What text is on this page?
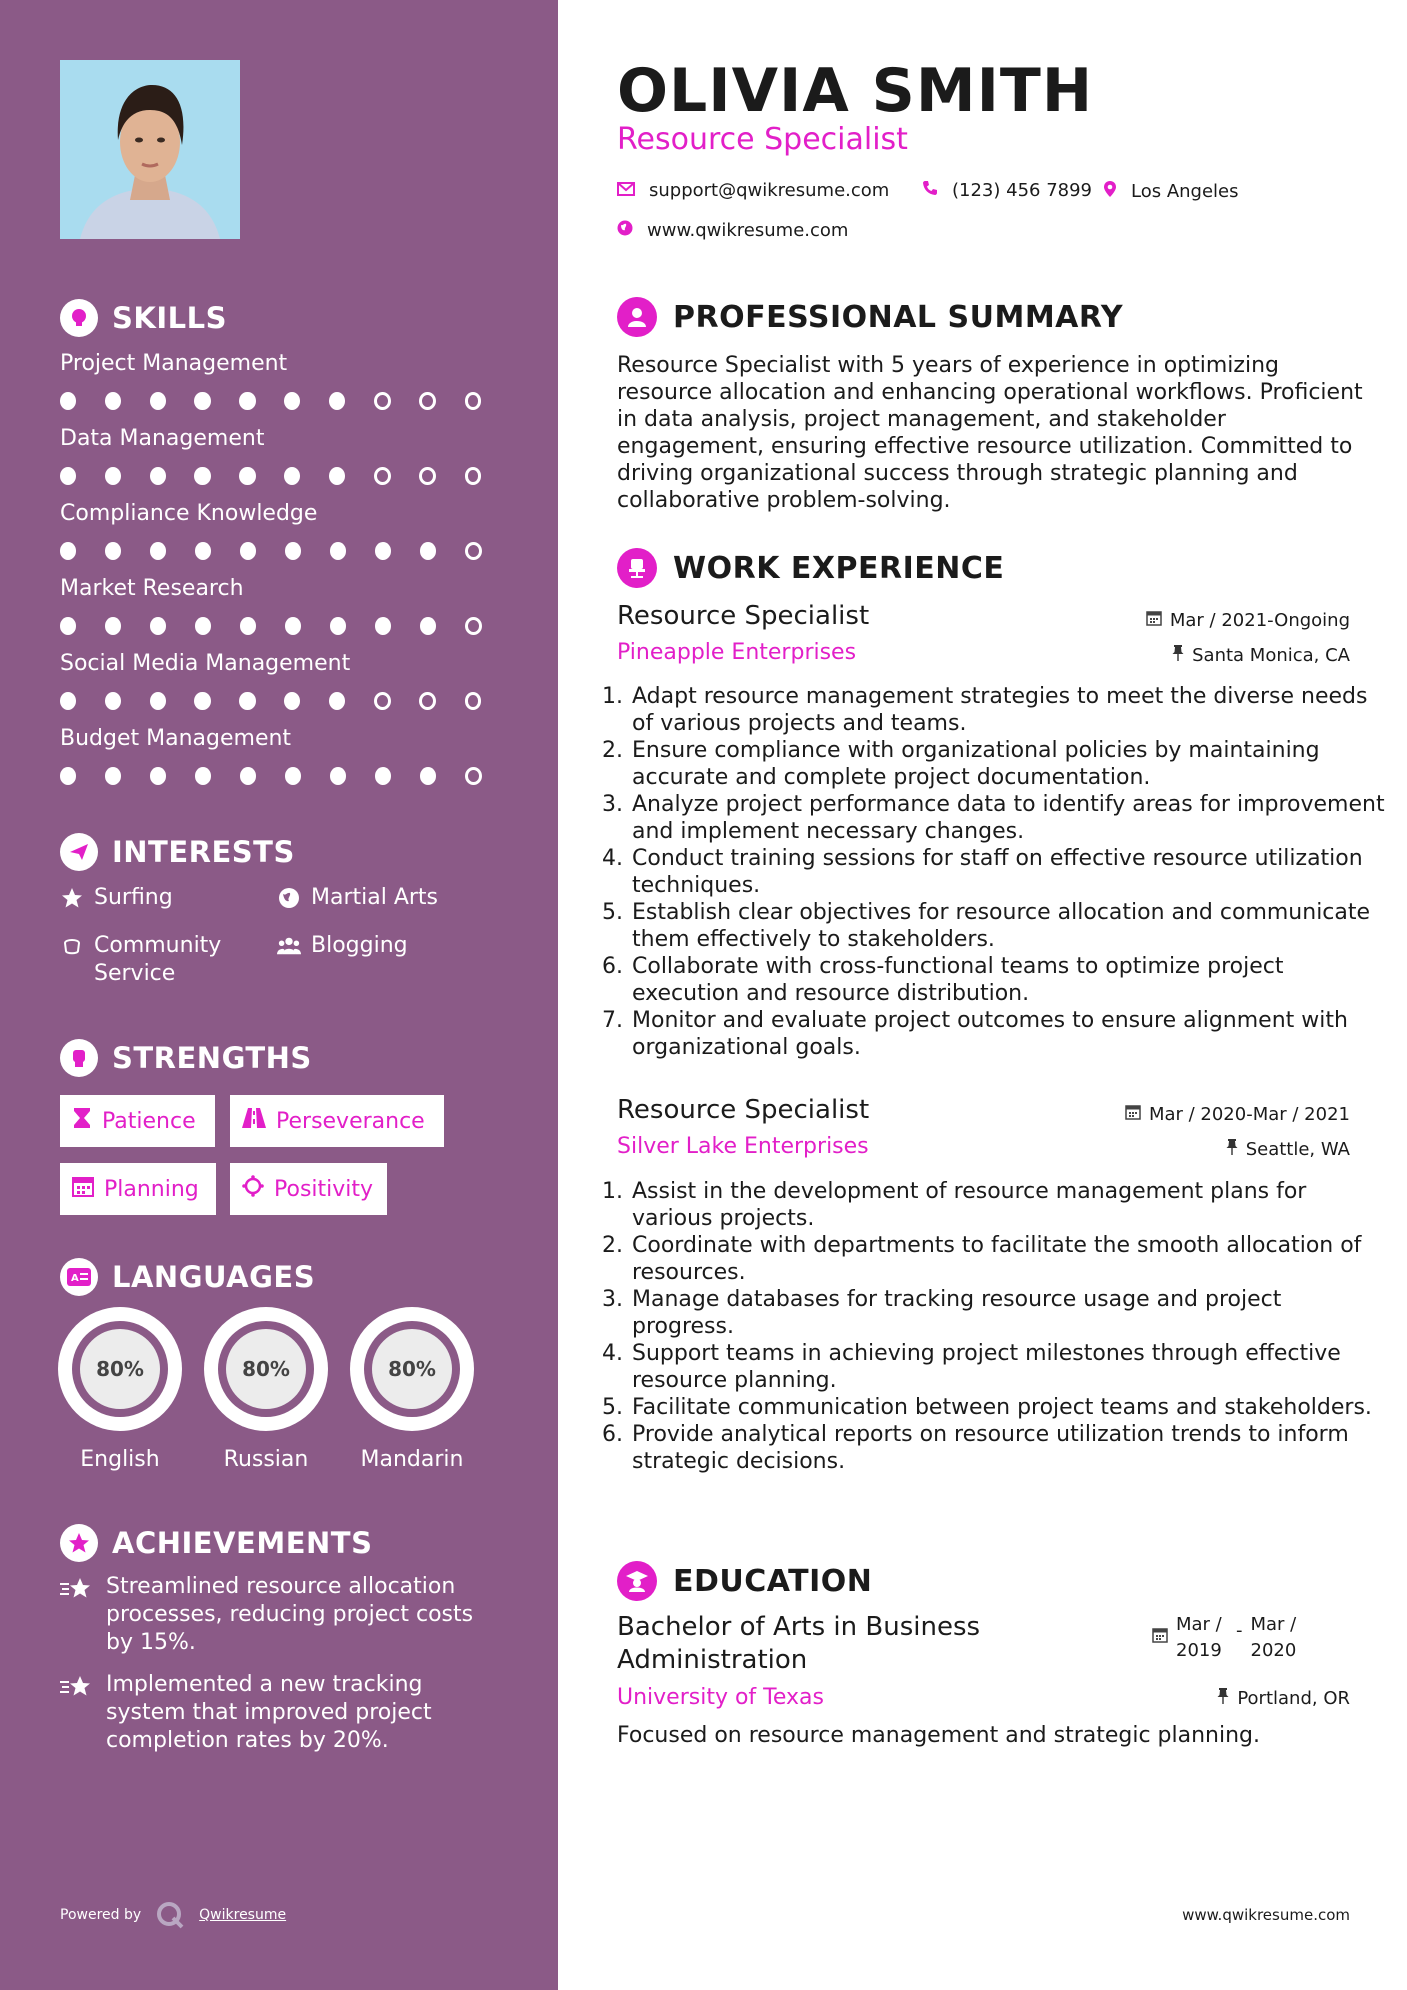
SKILLS
Project Management
Data Management
Compliance Knowledge
Market Research
Social Media Management
Budget Management
INTERESTS
Surfing	Martial Arts
Community Service
Blogging
STRENGTHS
Patience	Perseverance
Planning	Positivity
A LANGUAGES
80%
English
80%
Russian
80%
Mandarin
ACHIEVEMENTS
Streamlined resource allocation processes, reducing project costs by 15%.
Implemented a new tracking system that improved project completion rates by 20%.
Powered by	Qwikresume
OLIVIA SMITH
Resource Specialist
support@qwikresume.com	(123) 456 7899 Los Angeles
www.qwikresume.com
PROFESSIONAL SUMMARY
Resource Specialist with 5 years of experience in optimizing resource allocation and enhancing operational workflows. Proficient in data analysis, project management, and stakeholder engagement, ensuring effective resource utilization. Committed to driving organizational success through strategic planning and collaborative problem-solving.
WORK EXPERIENCE
Resource Specialist	Mar / 2021-Ongoing
Pineapple Enterprises	Santa Monica, CA
1. Adapt resource management strategies to meet the diverse needs of various projects and teams.
2. Ensure compliance with organizational policies by maintaining accurate and complete project documentation.
3. Analyze project performance data to identify areas for improvement and implement necessary changes.
4. Conduct training sessions for staff on effective resource utilization techniques.
5. Establish clear objectives for resource allocation and communicate them effectively to stakeholders.
6. Collaborate with cross-functional teams to optimize project execution and resource distribution.
7. Monitor and evaluate project outcomes to ensure alignment with organizational goals.
Resource Specialist	Mar / 2020-Mar / 2021
Silver Lake Enterprises	Seattle, WA
1. Assist in the development of resource management plans for various projects.
2. Coordinate with departments to facilitate the smooth allocation of resources.
3. Manage databases for tracking resource usage and project progress.
4. Support teams in achieving project milestones through effective resource planning.
5. Facilitate communication between project teams and stakeholders.
6. Provide analytical reports on resource utilization trends to inform strategic decisions.
EDUCATION
Bachelor of Arts in Business Administration
Mar / 2019
- Mar / 2020
University of Texas	Portland, OR
Focused on resource management and strategic planning.
www.qwikresume.com
